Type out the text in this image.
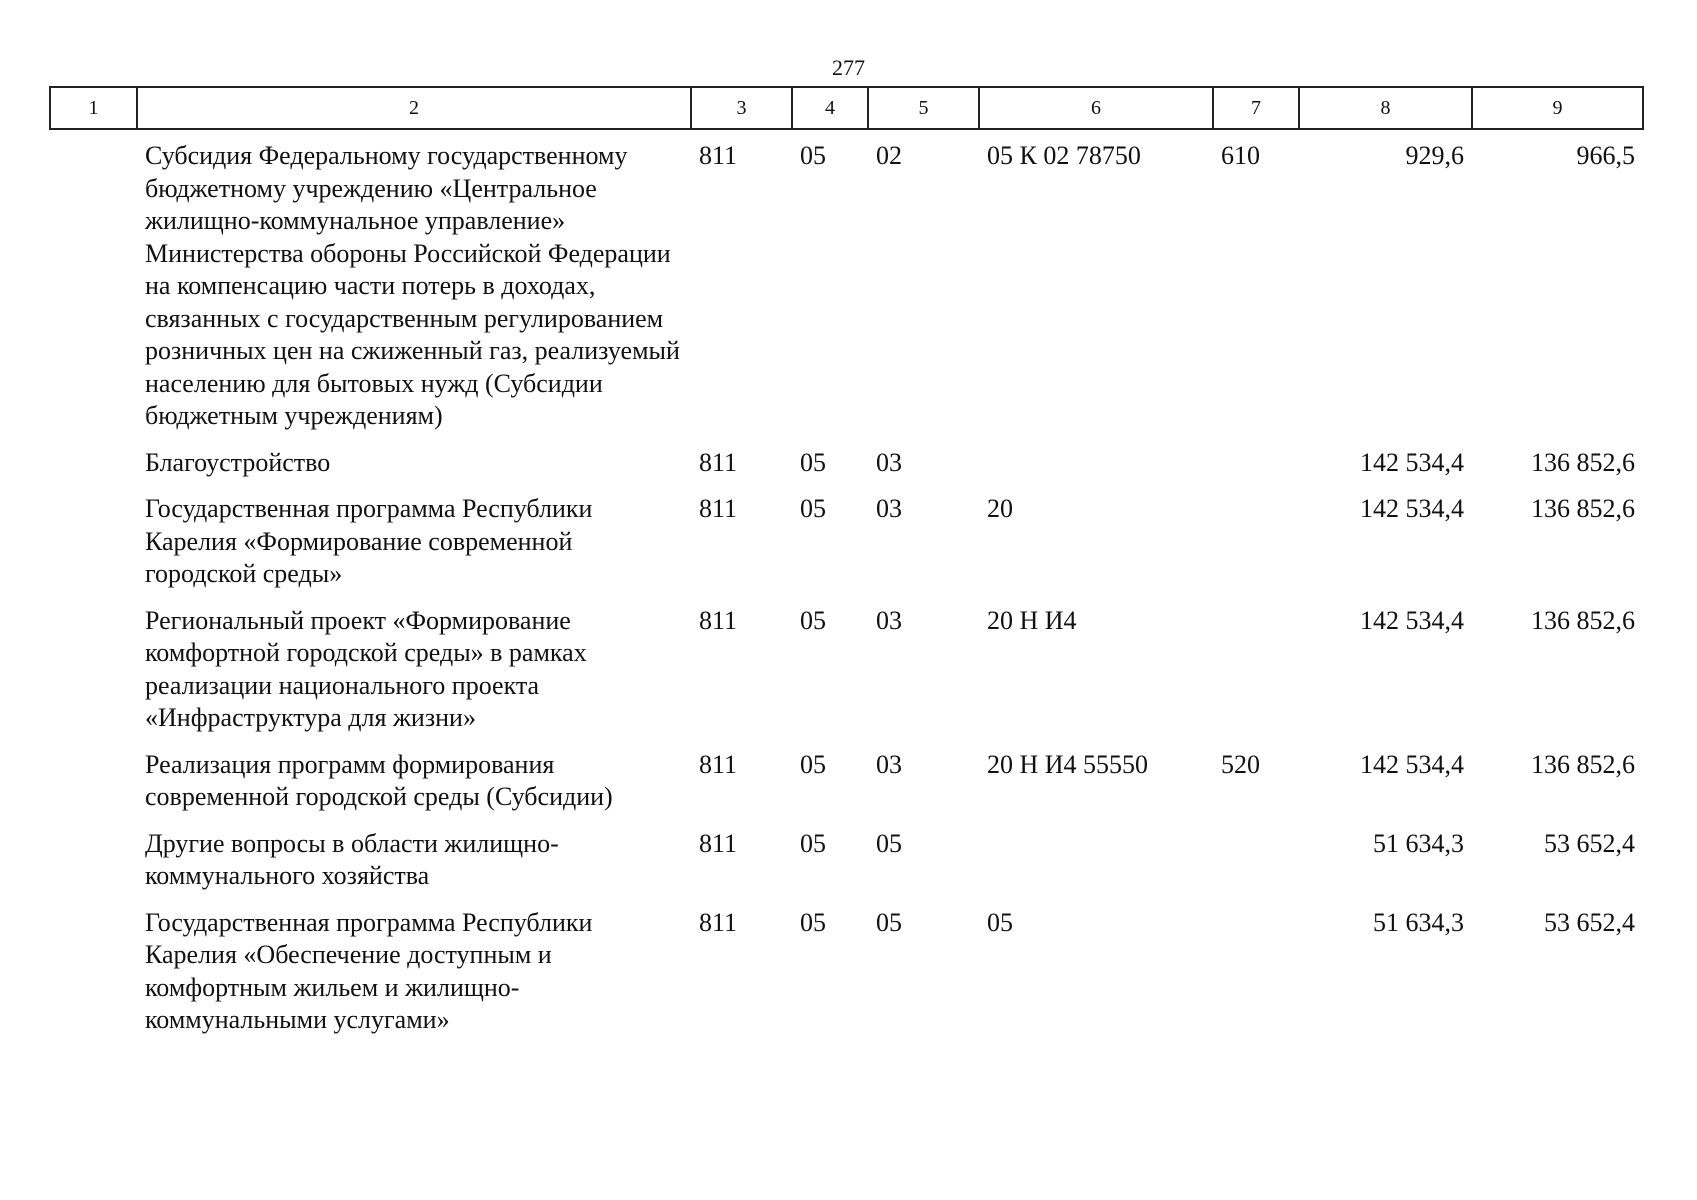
277
1	2	3	4	5	6	7	8	9
	Субсидия Федеральному государственному бюджетному учреждению «Центральное жилищно-коммунальное управление» Министерства обороны Российской Федерации на компенсацию части потерь в доходах, связанных с государственным регулированием розничных цен на сжиженный газ, реализуемый населению для бытовых нужд (Субсидии бюджетным учреждениям)	811	05	02	05 К 02 78750	610	929,6	966,5
	Благоустройство	811	05	03			142 534,4	136 852,6
	Государственная программа Республики Карелия «Формирование современной городской среды»	811	05	03	20		142 534,4	136 852,6
	Региональный проект «Формирование комфортной городской среды» в рамках реализации национального проекта «Инфраструктура для жизни»	811	05	03	20 Н И4		142 534,4	136 852,6
	Реализация программ формирования современной городской среды (Субсидии)	811	05	03	20 Н И4 55550	520	142 534,4	136 852,6
	Другие вопросы в области жилищно-коммунального хозяйства	811	05	05			51 634,3	53 652,4
	Государственная программа Республики Карелия «Обеспечение доступным и комфортным жильем и жилищно-коммунальными услугами»	811	05	05	05		51 634,3	53 652,4
